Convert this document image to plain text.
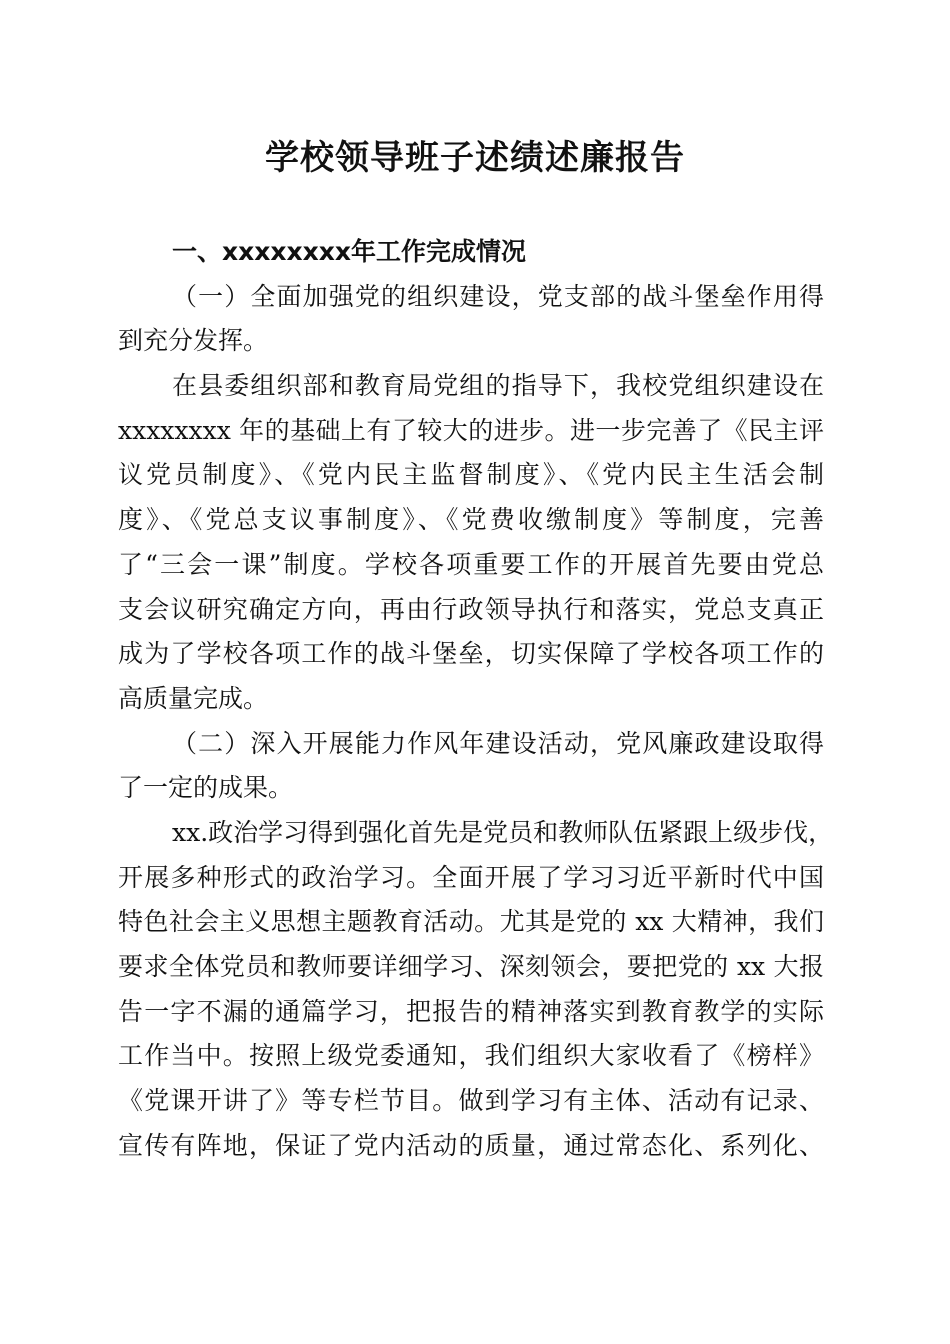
学校领导班子述绩述廉报告
一、xxxxxxxx年工作完成情况
（一）全面加强党的组织建设，党支部的战斗堡垒作用得
到充分发挥。
在县委组织部和教育局党组的指导下，我校党组织建设在
xxxxxxxx 年的基础上有了较大的进步。进一步完善了《民主评
议党员制度》、《党内民主监督制度》、《党内民主生活会制
度》、《党总支议事制度》、《党费收缴制度》等制度，完善
了“三会一课”制度。学校各项重要工作的开展首先要由党总
支会议研究确定方向，再由行政领导执行和落实，党总支真正
成为了学校各项工作的战斗堡垒，切实保障了学校各项工作的
高质量完成。
（二）深入开展能力作风年建设活动，党风廉政建设取得
了一定的成果。
xx.政治学习得到强化首先是党员和教师队伍紧跟上级步伐，
开展多种形式的政治学习。全面开展了学习习近平新时代中国
特色社会主义思想主题教育活动。尤其是党的 xx 大精神，我们
要求全体党员和教师要详细学习、深刻领会，要把党的 xx 大报
告一字不漏的通篇学习，把报告的精神落实到教育教学的实际
工作当中。按照上级党委通知，我们组织大家收看了《榜样》
《党课开讲了》等专栏节目。做到学习有主体、活动有记录、
宣传有阵地，保证了党内活动的质量，通过常态化、系列化、
